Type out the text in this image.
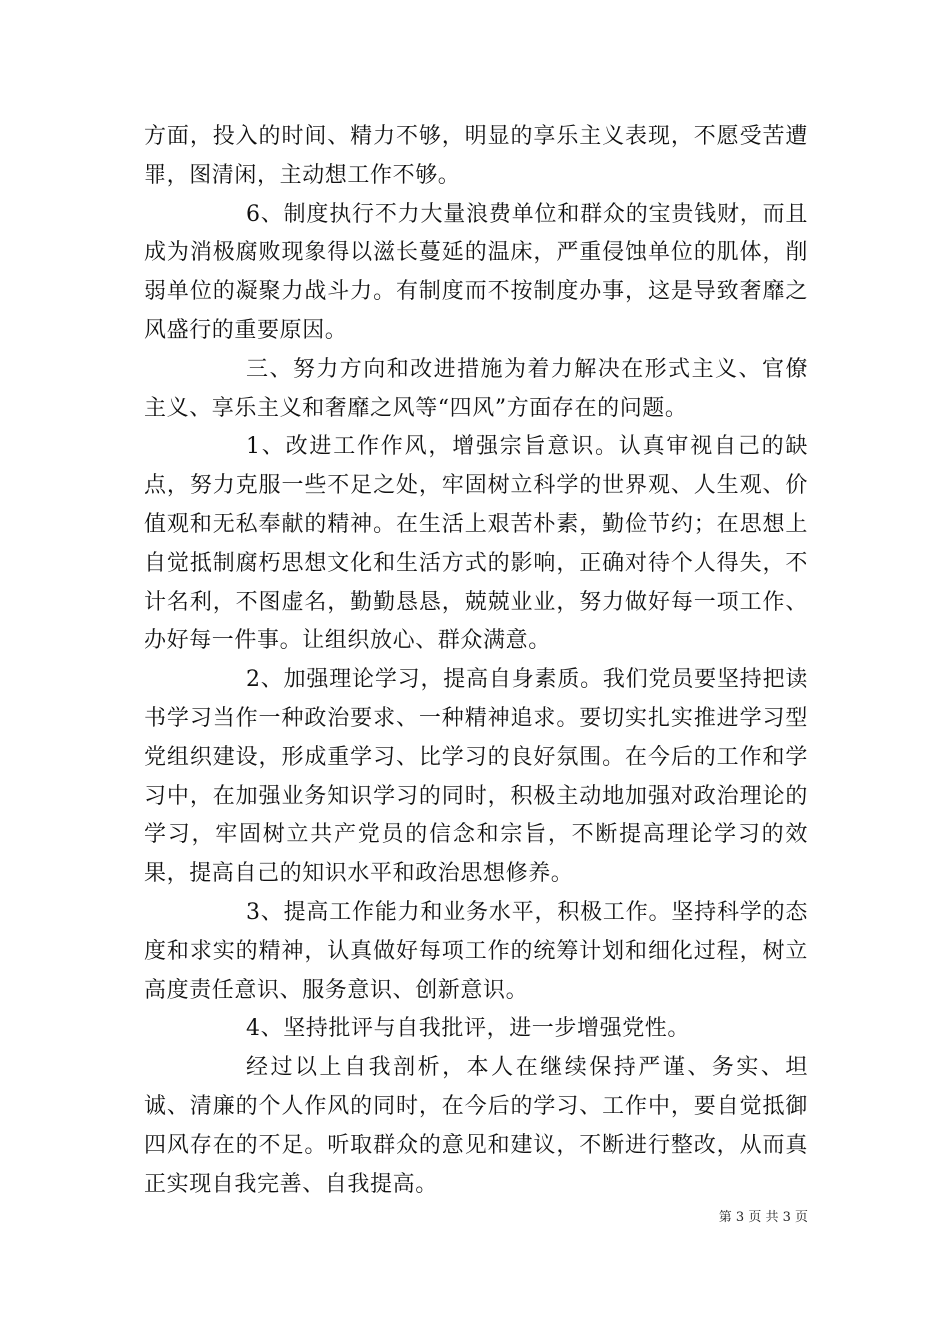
方面，投入的时间、精力不够，明显的享乐主义表现，不愿受苦遭罪，图清闲，主动想工作不够。

6、制度执行不力大量浪费单位和群众的宝贵钱财，而且成为消极腐败现象得以滋长蔓延的温床，严重侵蚀单位的肌体，削弱单位的凝聚力战斗力。有制度而不按制度办事，这是导致奢靡之风盛行的重要原因。

三、努力方向和改进措施为着力解决在形式主义、官僚主义、享乐主义和奢靡之风等“四风”方面存在的问题。

1、改进工作作风，增强宗旨意识。认真审视自己的缺点，努力克服一些不足之处，牢固树立科学的世界观、人生观、价值观和无私奉献的精神。在生活上艰苦朴素，勤俭节约；在思想上自觉抵制腐朽思想文化和生活方式的影响，正确对待个人得失，不计名利，不图虚名，勤勤恳恳，兢兢业业，努力做好每一项工作、办好每一件事。让组织放心、群众满意。

2、加强理论学习，提高自身素质。我们党员要坚持把读书学习当作一种政治要求、一种精神追求。要切实扎实推进学习型党组织建设，形成重学习、比学习的良好氛围。在今后的工作和学习中，在加强业务知识学习的同时，积极主动地加强对政治理论的学习，牢固树立共产党员的信念和宗旨，不断提高理论学习的效果，提高自己的知识水平和政治思想修养。

3、提高工作能力和业务水平，积极工作。坚持科学的态度和求实的精神，认真做好每项工作的统筹计划和细化过程，树立高度责任意识、服务意识、创新意识。

4、坚持批评与自我批评，进一步增强党性。

经过以上自我剖析，本人在继续保持严谨、务实、坦诚、清廉的个人作风的同时，在今后的学习、工作中，要自觉抵御四风存在的不足。听取群众的意见和建议，不断进行整改，从而真正实现自我完善、自我提高。

第 3 页 共 3 页
